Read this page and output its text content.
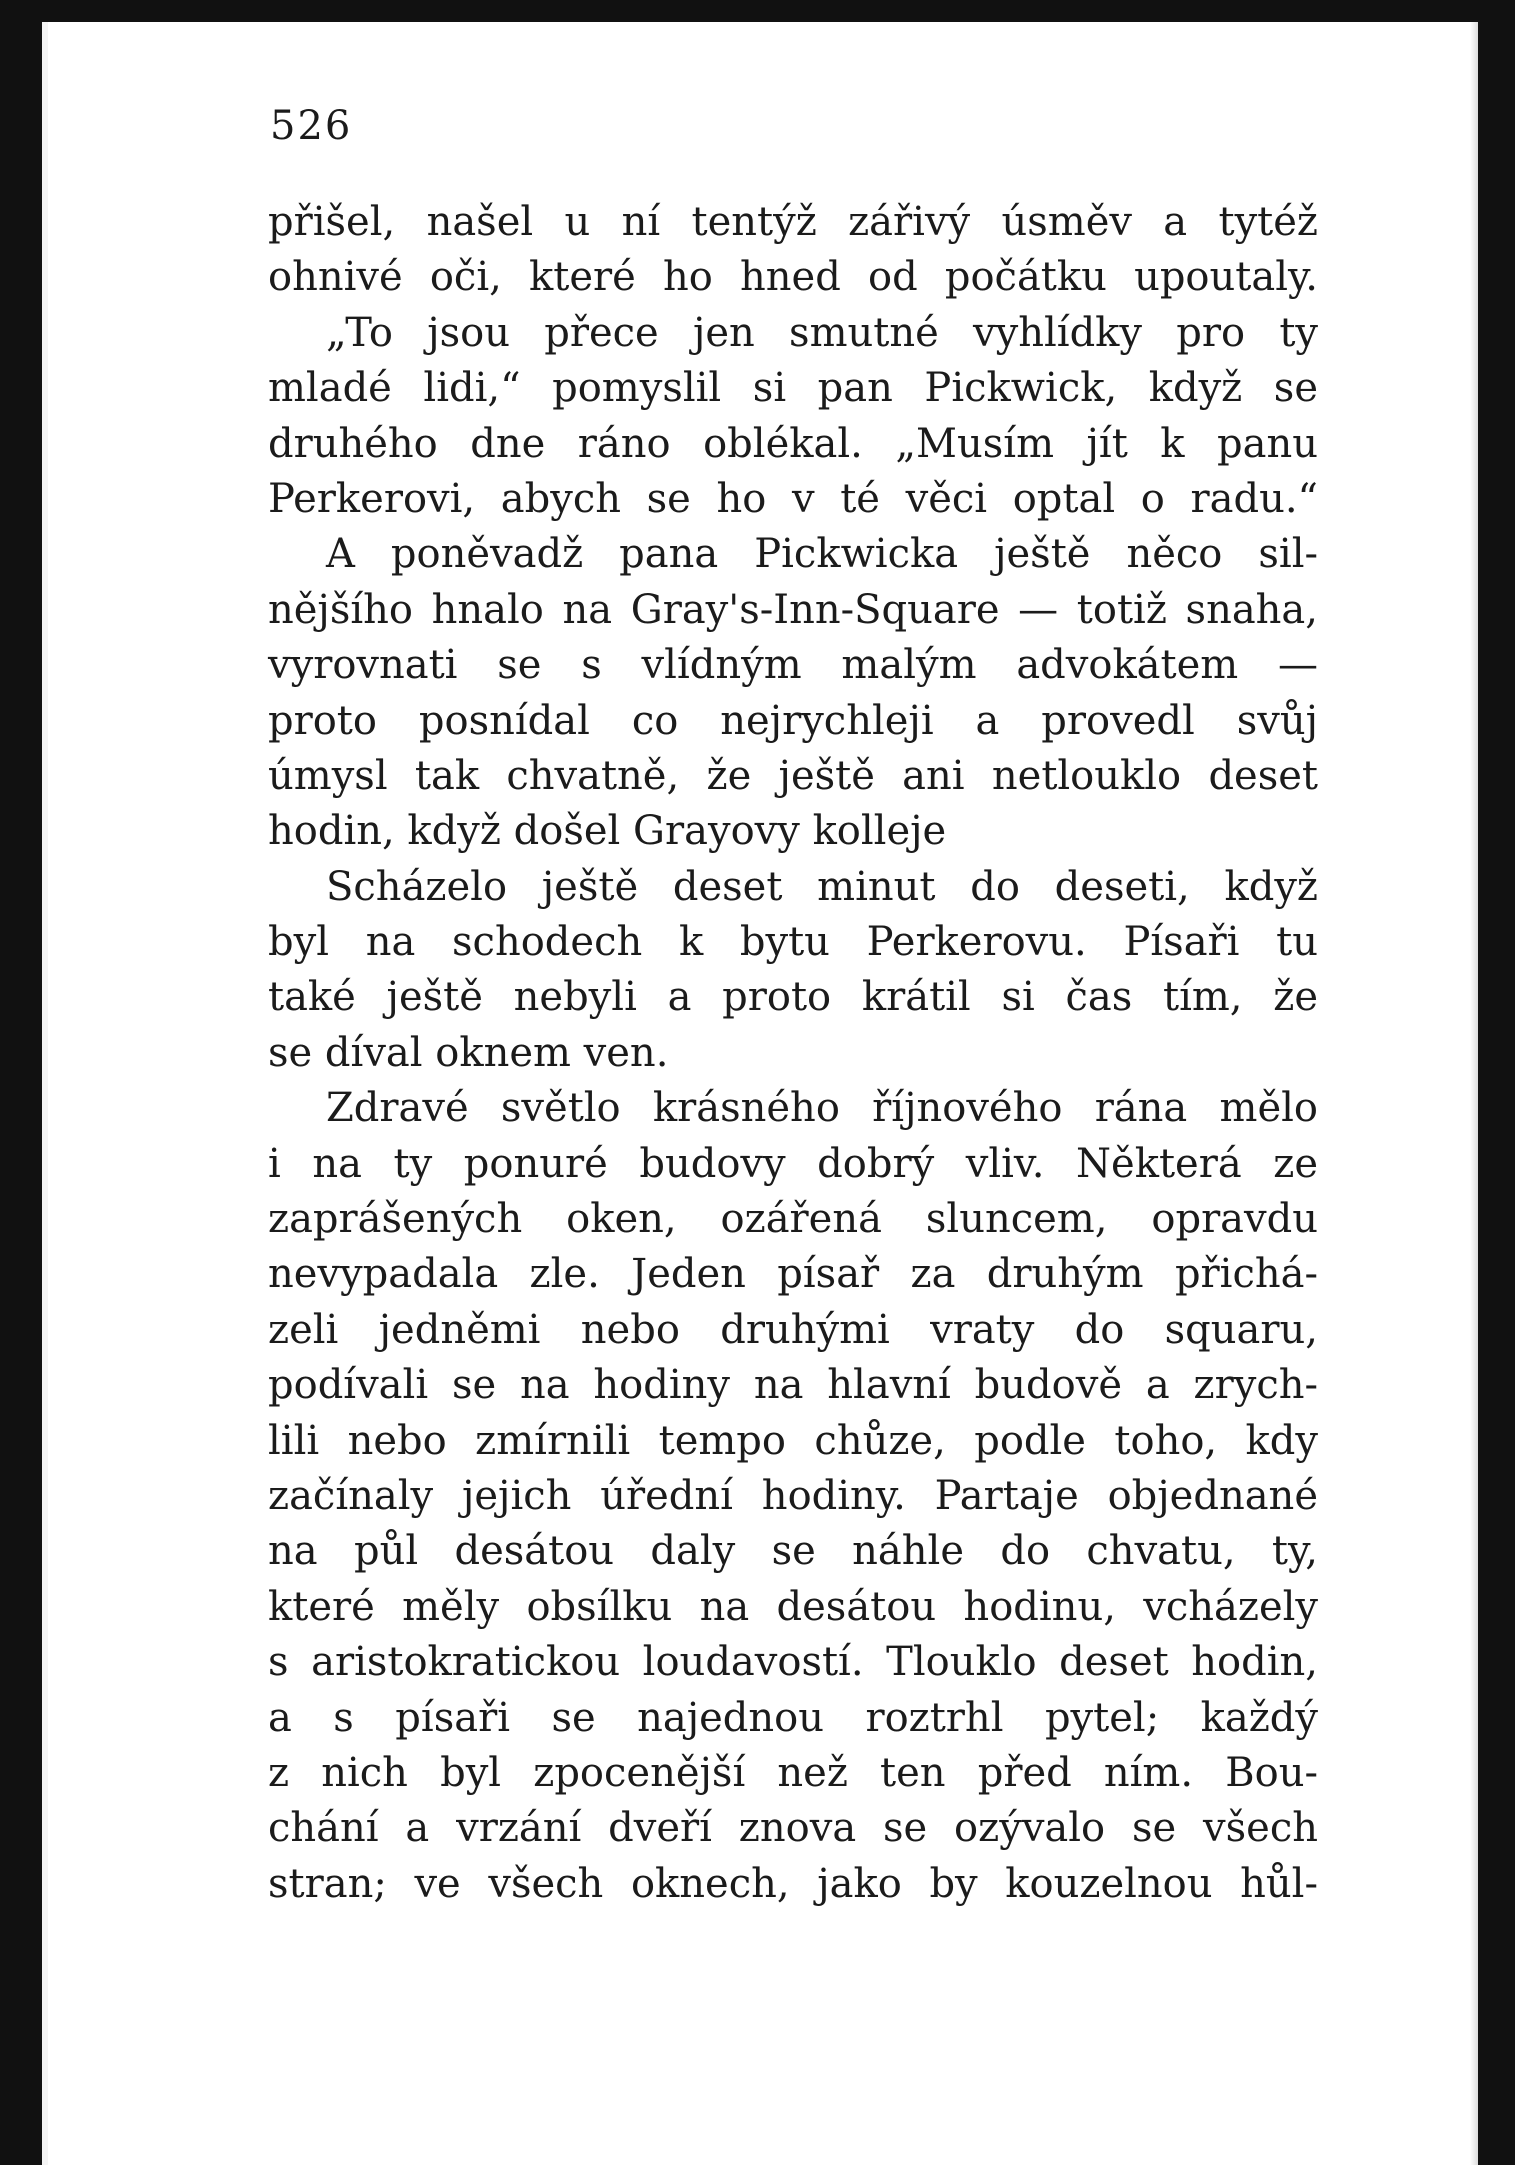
526
přišel, našel u ní tentýž zářivý úsměv a tytéž
ohnivé oči, které ho hned od počátku upoutaly.
„To jsou přece jen smutné vyhlídky pro ty
mladé lidi,“ pomyslil si pan Pickwick, když se
druhého dne ráno oblékal. „Musím jít k panu
Perkerovi, abych se ho v té věci optal o radu.“
A poněvadž pana Pickwicka ještě něco sil-
nějšího hnalo na Gray's-Inn-Square — totiž snaha,
vyrovnati se s vlídným malým advokátem —
proto posnídal co nejrychleji a provedl svůj
úmysl tak chvatně, že ještě ani netlouklo deset
hodin, když došel Grayovy kolleje
Scházelo ještě deset minut do deseti, když
byl na schodech k bytu Perkerovu. Písaři tu
také ještě nebyli a proto krátil si čas tím, že
se díval oknem ven.
Zdravé světlo krásného říjnového rána mělo
i na ty ponuré budovy dobrý vliv. Některá ze
zaprášených oken, ozářená sluncem, opravdu
nevypadala zle. Jeden písař za druhým přichá-
zeli jedněmi nebo druhými vraty do squaru,
podívali se na hodiny na hlavní budově a zrych-
lili nebo zmírnili tempo chůze, podle toho, kdy
začínaly jejich úřední hodiny. Partaje objednané
na půl desátou daly se náhle do chvatu, ty,
které měly obsílku na desátou hodinu, vcházely
s aristokratickou loudavostí. Tlouklo deset hodin,
a s písaři se najednou roztrhl pytel; každý
z nich byl zpocenější než ten před ním. Bou-
chání a vrzání dveří znova se ozývalo se všech
stran; ve všech oknech, jako by kouzelnou hůl-
